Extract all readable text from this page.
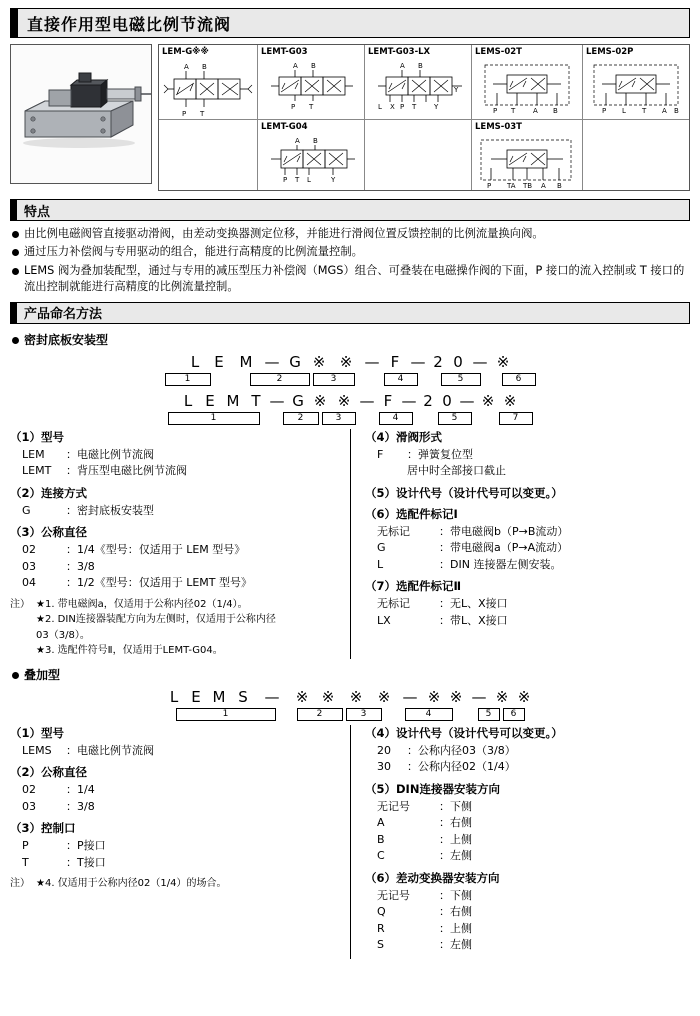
直接作用型电磁比例节流阀
LEM-G※※
A B
P T
LEMT-G03
A B
P T
LEMT-G03-LX
A B
L X P T	Y
Y
LEMS-02T
P T	A B
LEMS-02P
P L T A B
LEMT-G04
A B
P T L	Y
LEMS-03T
P TA TB A B
特点
由比例电磁阀管直接驱动滑阀，由差动变换器测定位移，并能进行滑阀位置反馈控制的比例流量换向阀。
通过压力补偿阀与专用驱动的组合，能进行高精度的比例流量控制。
LEMS 阀为叠加装配型，通过与专用的减压型压力补偿阀（MGS）组合、可叠装在电磁操作阀的下面，P 接口的流入控制或 T 接口的流出控制就能进行高精度的比例流量控制。
产品命名方法
密封底板安装型
L E M — G ※ ※ — F — 2 0 — ※
1	2	3	4	5	6
L E M T — G ※ ※ — F — 2 0 — ※ ※
1	2	3	4	5	7
（1）型号
LEM	：电磁比例节流阀
LEMT	：背压型电磁比例节流阀
（2）连接方式
G	：密封底板安装型
（3）公称直径
02	：1/4《型号：仅适用于 LEM 型号》
03	：3/8
04	：1/2《型号：仅适用于 LEMT 型号》
注） ★1. 带电磁阀a，仅适用于公称内径02（1/4）。
★2. DIN连接器装配方向为左侧时，仅适用于公称内径
03（3/8）。
★3. 选配件符号Ⅱ，仅适用于LEMT-G04。
（4）滑阀形式
F	：弹簧复位型
居中时全部接口截止
（5）设计代号（设计代号可以变更。）
（6）选配件标记Ⅰ
无标记	：带电磁阀b（P→B流动）
G	：带电磁阀a（P→A流动）
L	：DIN 连接器左侧安装。
（7）选配件标记Ⅱ
无标记	：无L、X接口
LX	：带L、X接口
叠加型
L E M S — ※ ※ ※ ※ — ※ ※ — ※ ※
1	2	3	4	5	6
（1）型号
LEMS	：电磁比例节流阀
（2）公称直径
02	：1/4
03	：3/8
（3）控制口
P	：P接口
T	：T接口
注） ★4. 仅适用于公称内径02（1/4）的场合。
（4）设计代号（设计代号可以变更。）
20	：公称内径03（3/8）
30	：公称内径02（1/4）
（5）DIN连接器安装方向
无记号	：下侧
A	：右侧
B	：上侧
C	：左侧
（6）差动变换器安装方向
无记号	：下侧
Q	：右侧
R	：上侧
S	：左侧
